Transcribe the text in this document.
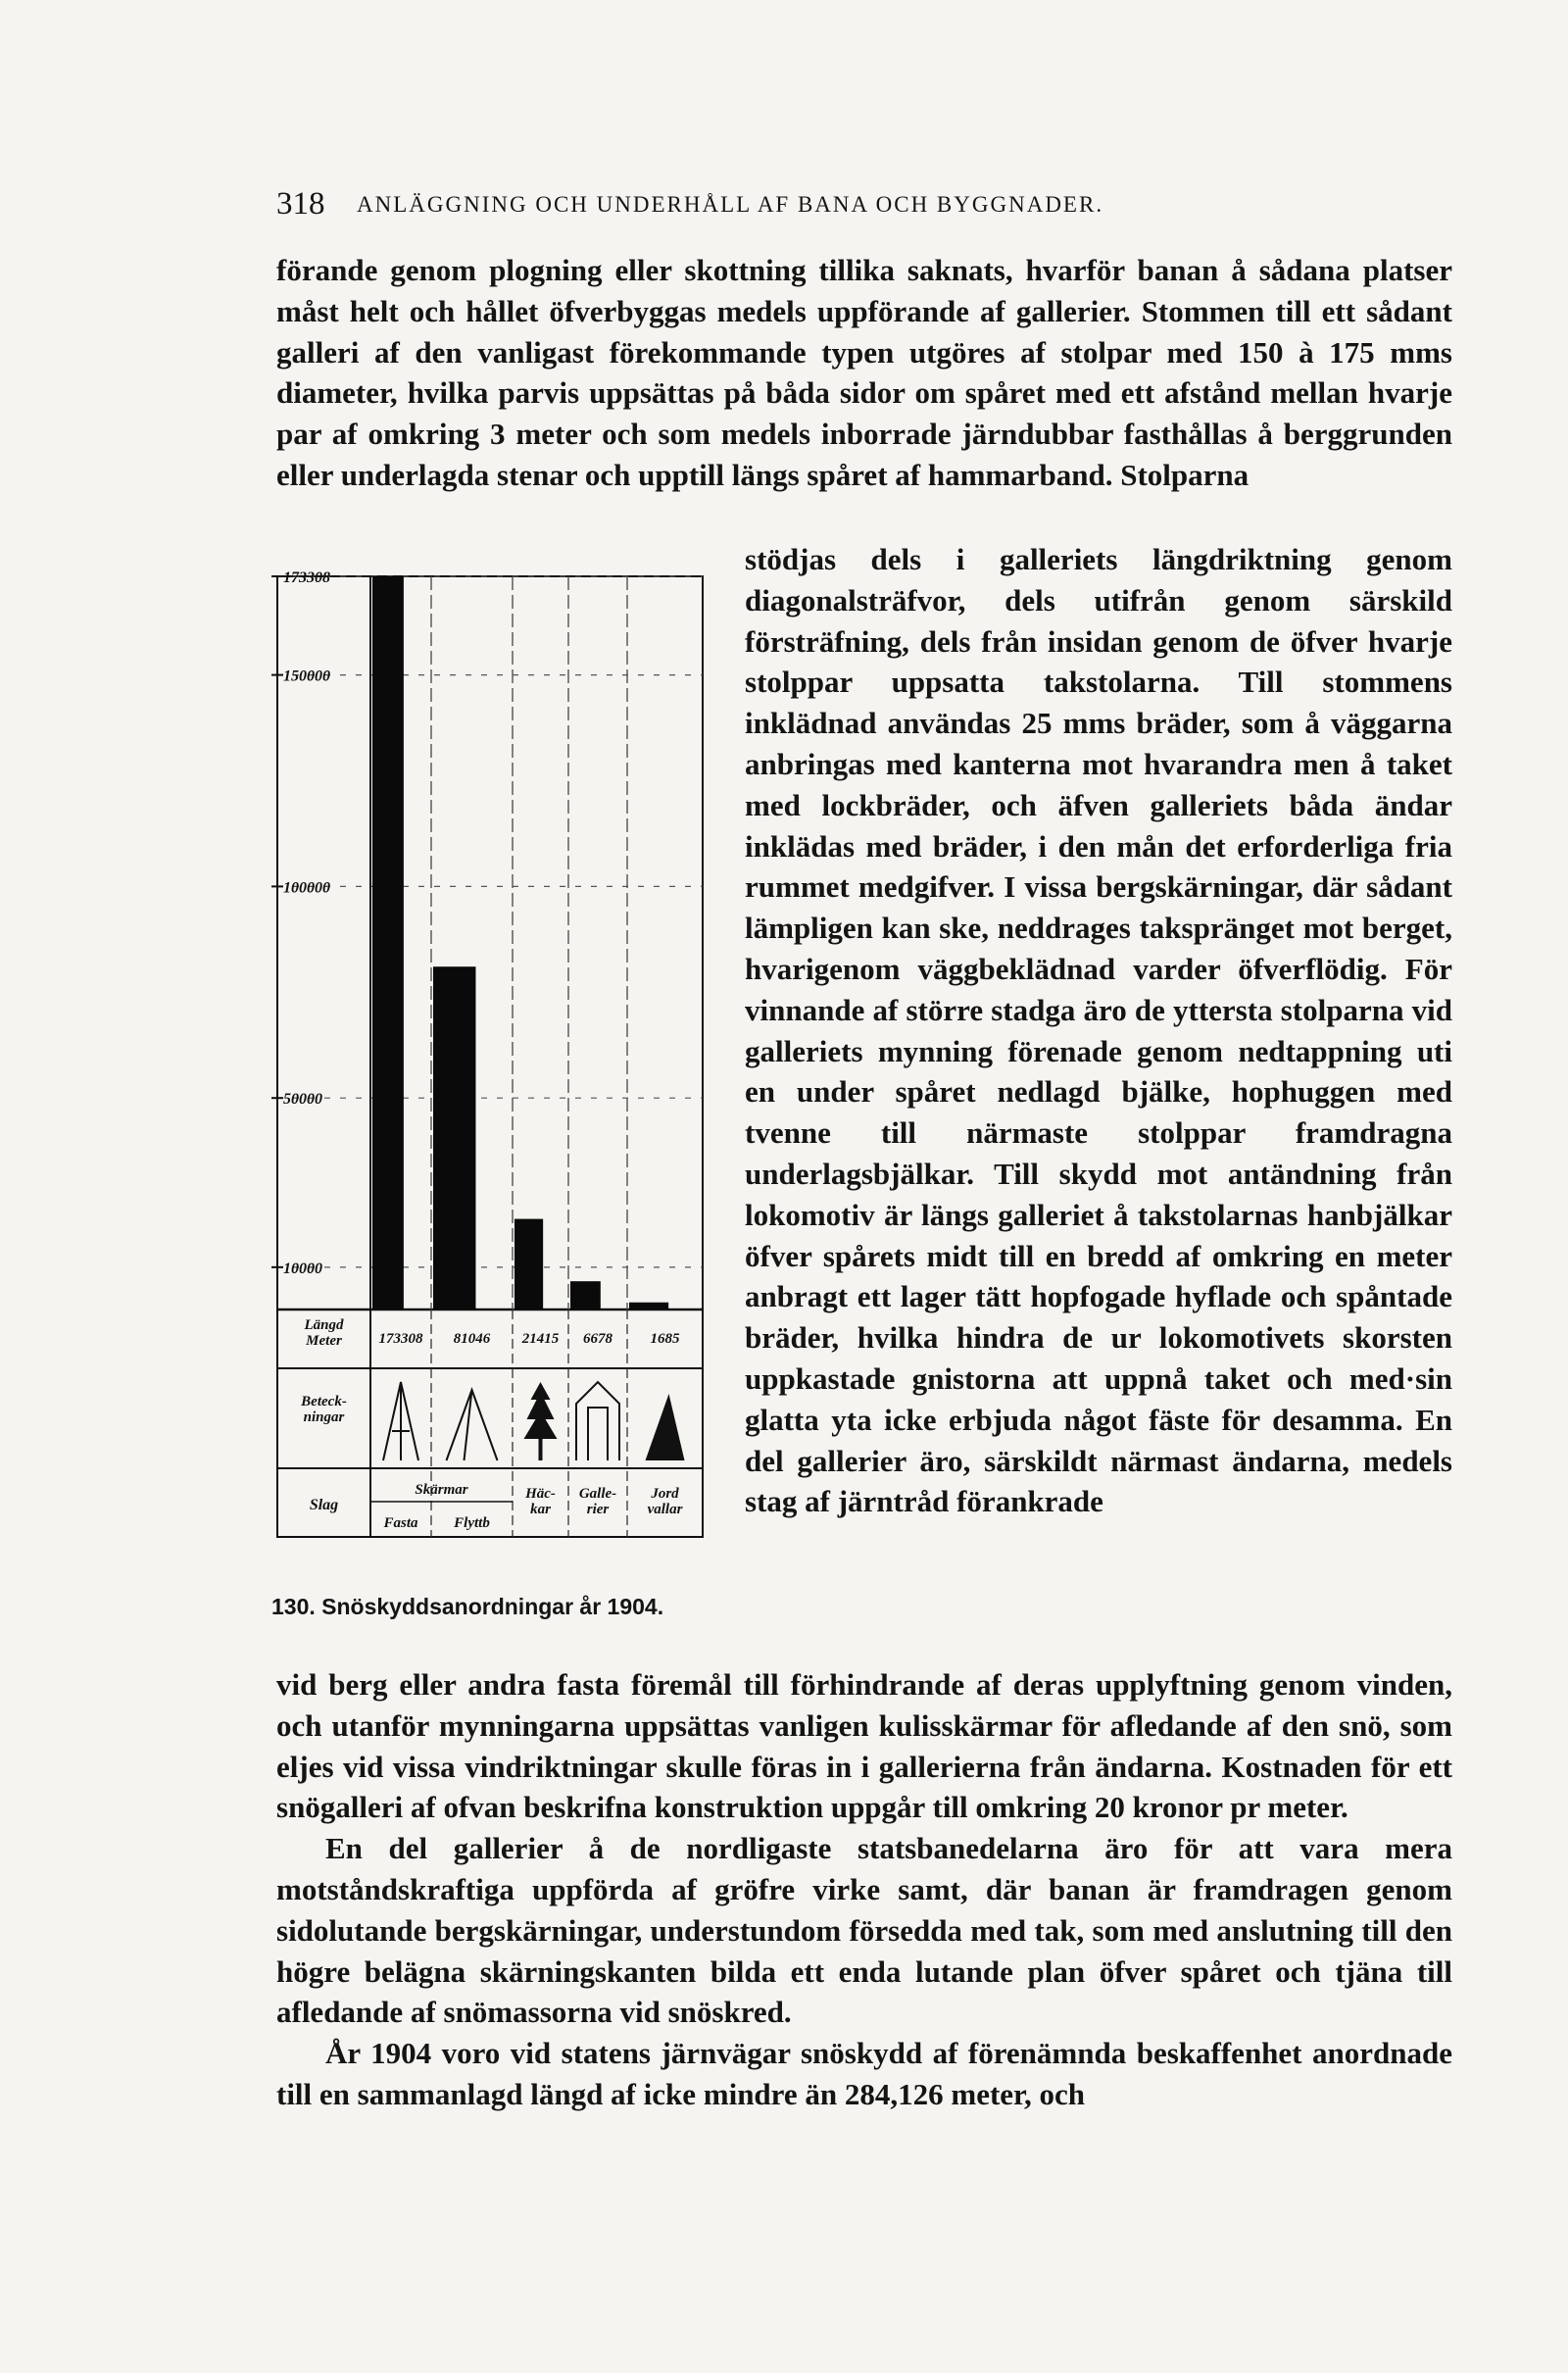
318 ANLÄGGNING OCH UNDERHÅLL AF BANA OCH BYGGNADER.

förande genom plogning eller skottning tillika saknats, hvarför banan å sådana platser måst helt och hållet öfverbyggas medels uppförande af gallerier. Stommen till ett sådant galleri af den vanligast förekommande typen utgöres af stolpar med 150 à 175 mms diameter, hvilka parvis uppsättas på båda sidor om spåret med ett afstånd mellan hvarje par af omkring 3 meter och som medels inborrade järndubbar fasthållas å berggrunden eller underlagda stenar och upptill längs spåret af hammarband. Stolparna

stödjas dels i galleriets längdriktning genom diagonalsträfvor, dels utifrån genom särskild försträfning, dels från insidan genom de öfver hvarje stolppar uppsatta takstolarna. Till stommens inklädnad användas 25 mms bräder, som å väggarna anbringas med kanterna mot hvarandra men å taket med lockbräder, och äfven galleriets båda ändar inklädas med bräder, i den mån det erforderliga fria rummet medgifver. I vissa bergskärningar, där sådant lämpligen kan ske, neddrages takspränget mot berget, hvarigenom väggbeklädnad varder öfverflödig. För vinnande af större stadga äro de yttersta stolparna vid galleriets mynning förenade genom nedtappning uti en under spåret nedlagd bjälke, hophuggen med tvenne till närmaste stolppar framdragna underlagsbjälkar. Till skydd mot antändning från lokomotiv är längs galleriet å takstolarnas hanbjälkar öfver spårets midt till en bredd af omkring en meter anbragt ett lager tätt hopfogade hyflade och spåntade bräder, hvilka hindra de ur lokomotivets skorsten uppkastade gnistorna att uppnå taket och med·sin glatta yta icke erbjuda något fäste för desamma. En del gallerier äro, särskildt närmast ändarna, medels stag af järntråd förankrade

173308
150000
100000
50000
10000
Längd Meter
Beteck-ningar
Slag
173308 81046 21415 6678	1685
Skärmar
Fasta Flyttb
Häc-kar
Galle-rier
Jord vallar
130. Snöskyddsanordningar år 1904.

vid berg eller andra fasta föremål till förhindrande af deras upplyftning genom vinden, och utanför mynningarna uppsättas vanligen kulisskärmar för afledande af den snö, som eljes vid vissa vindriktningar skulle föras in i gallerierna från ändarna. Kostnaden för ett snögalleri af ofvan beskrifna konstruktion uppgår till omkring 20 kronor pr meter.

En del gallerier å de nordligaste statsbanedelarna äro för att vara mera motståndskraftiga uppförda af gröfre virke samt, där banan är framdragen genom sidolutande bergskärningar, understundom försedda med tak, som med anslutning till den högre belägna skärningskanten bilda ett enda lutande plan öfver spåret och tjäna till afledande af snömassorna vid snöskred.

År 1904 voro vid statens järnvägar snöskydd af förenämnda beskaffenhet anordnade till en sammanlagd längd af icke mindre än 284,126 meter, och
